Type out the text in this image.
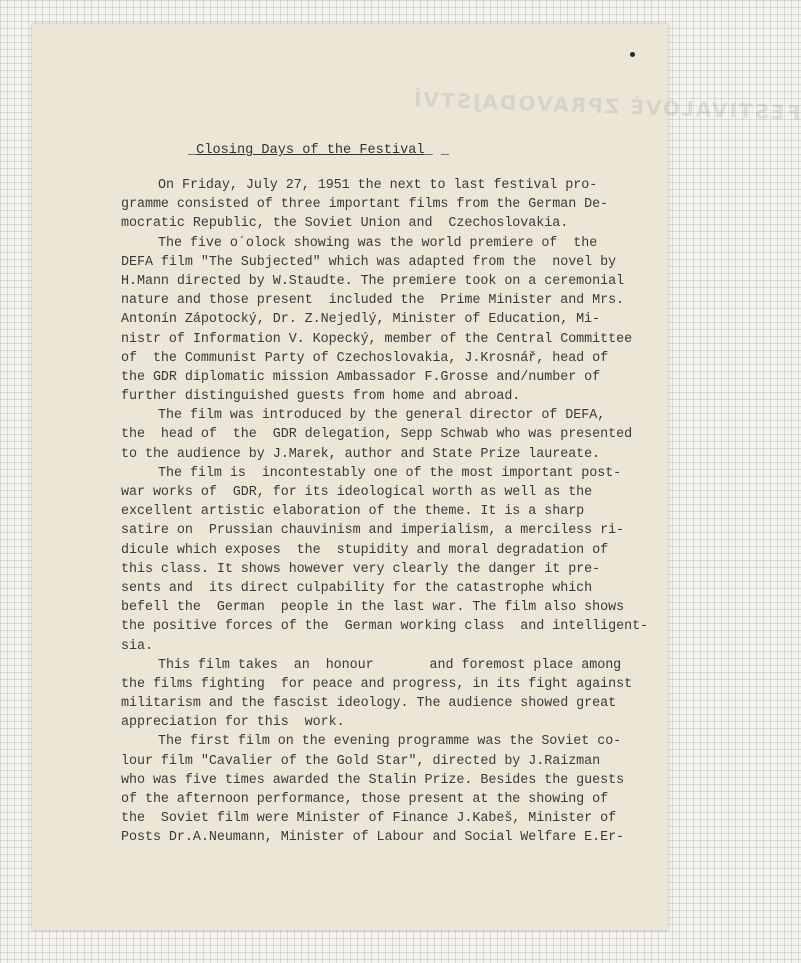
FESTIVALOVÉ ZPRAVODAJSTVÍ

_Closing Days of the Festival_ _

On Friday, July 27, 1951 the next to last festival pro-
gramme consisted of three important films from the German De-
mocratic Republic, the Soviet Union and  Czechoslovakia.
The five o´olock showing was the world premiere of  the
DEFA film "The Subjected" which was adapted from the  novel by
H.Mann directed by W.Staudte. The premiere took on a ceremonial
nature and those present  included the  Prime Minister and Mrs.
Antonín Zápotocký, Dr. Z.Nejedlý, Minister of Education, Mi-
nistr of Information V. Kopecký, member of the Central Committee
of  the Communist Party of Czechoslovakia, J.Krosnář, head of
the GDR diplomatic mission Ambassador F.Grosse and/number of
further distinguished guests from home and abroad.
The film was introduced by the general director of DEFA,
the  head of  the  GDR delegation, Sepp Schwab who was presented
to the audience by J.Marek, author and State Prize laureate.
The film is  incontestably one of the most important post-
war works of  GDR, for its ideological worth as well as the
excellent artistic elaboration of the theme. It is a sharp
satire on  Prussian chauvinism and imperialism, a merciless ri-
dicule which exposes  the  stupidity and moral degradation of
this class. It shows however very clearly the danger it pre-
sents and  its direct culpability for the catastrophe which
befell the  German  people in the last war. The film also shows
the positive forces of the  German working class  and intelligent-
sia.
This film takes  an  honour       and foremost place among
the films fighting  for peace and progress, in its fight against
militarism and the fascist ideology. The audience showed great
appreciation for this  work.
The first film on the evening programme was the Soviet co-
lour film "Cavalier of the Gold Star", directed by J.Raizman
who was five times awarded the Stalin Prize. Besides the guests
of the afternoon performance, those present at the showing of
the  Soviet film were Minister of Finance J.Kabeš, Minister of
Posts Dr.A.Neumann, Minister of Labour and Social Welfare E.Er-
